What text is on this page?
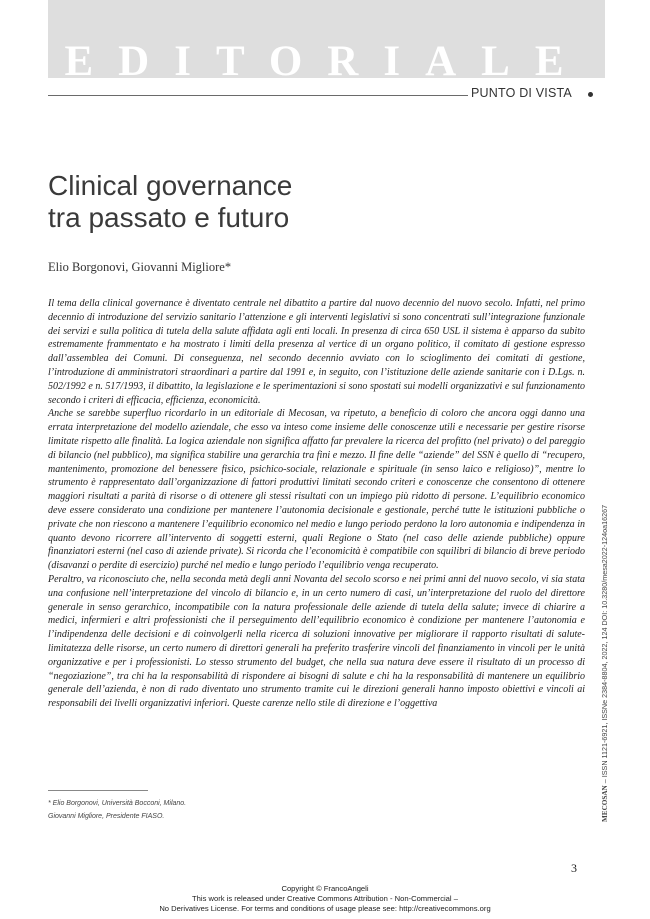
EDITORIALE
PUNTO DI VISTA
Clinical governance
tra passato e futuro
Elio Borgonovi, Giovanni Migliore*

Il tema della clinical governance è diventato centrale nel dibattito a partire dal nuovo decennio del nuovo secolo. Infatti, nel primo decennio di introduzione del servizio sanitario l’attenzione e gli interventi legislativi si sono concentrati sull’integrazione funzionale dei servizi e sulla politica di tutela della salute affidata agli enti locali. In presenza di circa 650 USL il sistema è apparso da subito estremamente frammentato e ha mostrato i limiti della presenza al vertice di un organo politico, il comitato di gestione espresso dall’assemblea dei Comuni. Di conseguenza, nel secondo decennio avviato con lo scioglimento dei comitati di gestione, l’introduzione di amministratori straordinari a partire dal 1991 e, in seguito, con l’istituzione delle aziende sanitarie con i D.Lgs. n. 502/1992 e n. 517/1993, il dibattito, la legislazione e le sperimentazioni si sono spostati sui modelli organizzativi e sul funzionamento secondo i criteri di efficacia, efficienza, economicità.

Anche se sarebbe superfluo ricordarlo in un editoriale di Mecosan, va ripetuto, a beneficio di coloro che ancora oggi danno una errata interpretazione del modello aziendale, che esso va inteso come insieme delle conoscenze utili e necessarie per gestire risorse limitate rispetto alle finalità. La logica aziendale non significa affatto far prevalere la ricerca del profitto (nel privato) o del pareggio di bilancio (nel pubblico), ma significa stabilire una gerarchia tra fini e mezzo. Il fine delle “aziende” del SSN è quello di “recupero, mantenimento, promozione del benessere fisico, psichico-sociale, relazionale e spirituale (in senso laico e religioso)”, mentre lo strumento è rappresentato dall’organizzazione di fattori produttivi limitati secondo criteri e conoscenze che consentono di ottenere maggiori risultati a parità di risorse o di ottenere gli stessi risultati con un impiego più ridotto di persone. L’equilibrio economico deve essere considerato una condizione per mantenere l’autonomia decisionale e gestionale, perché tutte le istituzioni pubbliche o private che non riescono a mantenere l’equilibrio economico nel medio e lungo periodo perdono la loro autonomia e indipendenza in quanto devono ricorrere all’intervento di soggetti esterni, quali Regione o Stato (nel caso delle aziende pubbliche) oppure finanziatori esterni (nel caso di aziende private). Si ricorda che l’economicità è compatibile con squilibri di bilancio di breve periodo (disavanzi o perdite di esercizio) purché nel medio e lungo periodo l’equilibrio venga recuperato.

Peraltro, va riconosciuto che, nella seconda metà degli anni Novanta del secolo scorso e nei primi anni del nuovo secolo, vi sia stata una confusione nell’interpretazione del vincolo di bilancio e, in un certo numero di casi, un’interpretazione del ruolo del direttore generale in senso gerarchico, incompatibile con la natura professionale delle aziende di tutela della salute; invece di chiarire a medici, infermieri e altri professionisti che il perseguimento dell’equilibrio economico è condizione per mantenere l’autonomia e l’indipendenza delle decisioni e di coinvolgerli nella ricerca di soluzioni innovative per migliorare il rapporto risultati di salute-limitatezza delle risorse, un certo numero di direttori generali ha preferito trasferire vincoli del finanziamento in vincoli per le unità organizzative e per i professionisti. Lo stesso strumento del budget, che nella sua natura deve essere il risultato di un processo di “negoziazione”, tra chi ha la responsabilità di rispondere ai bisogni di salute e chi ha la responsabilità di mantenere un equilibrio generale dell’azienda, è non di rado diventato uno strumento tramite cui le direzioni generali hanno imposto obiettivi e vincoli ai responsabili dei livelli organizzativi inferiori. Queste carenze nello stile di direzione e l’oggettiva

* Elio Borgonovi, Università Bocconi, Milano.
Giovanni Migliore, Presidente FIASO.	MECOSAN – ISSN 1121-6921, ISSNe 2384-8804, 2022, 124 DOI: 10.3280/mesa2022-124oa16267
3
Copyright © FrancoAngeli
This work is released under Creative Commons Attribution - Non-Commercial –
No Derivatives License. For terms and conditions of usage please see: http://creativecommons.org
